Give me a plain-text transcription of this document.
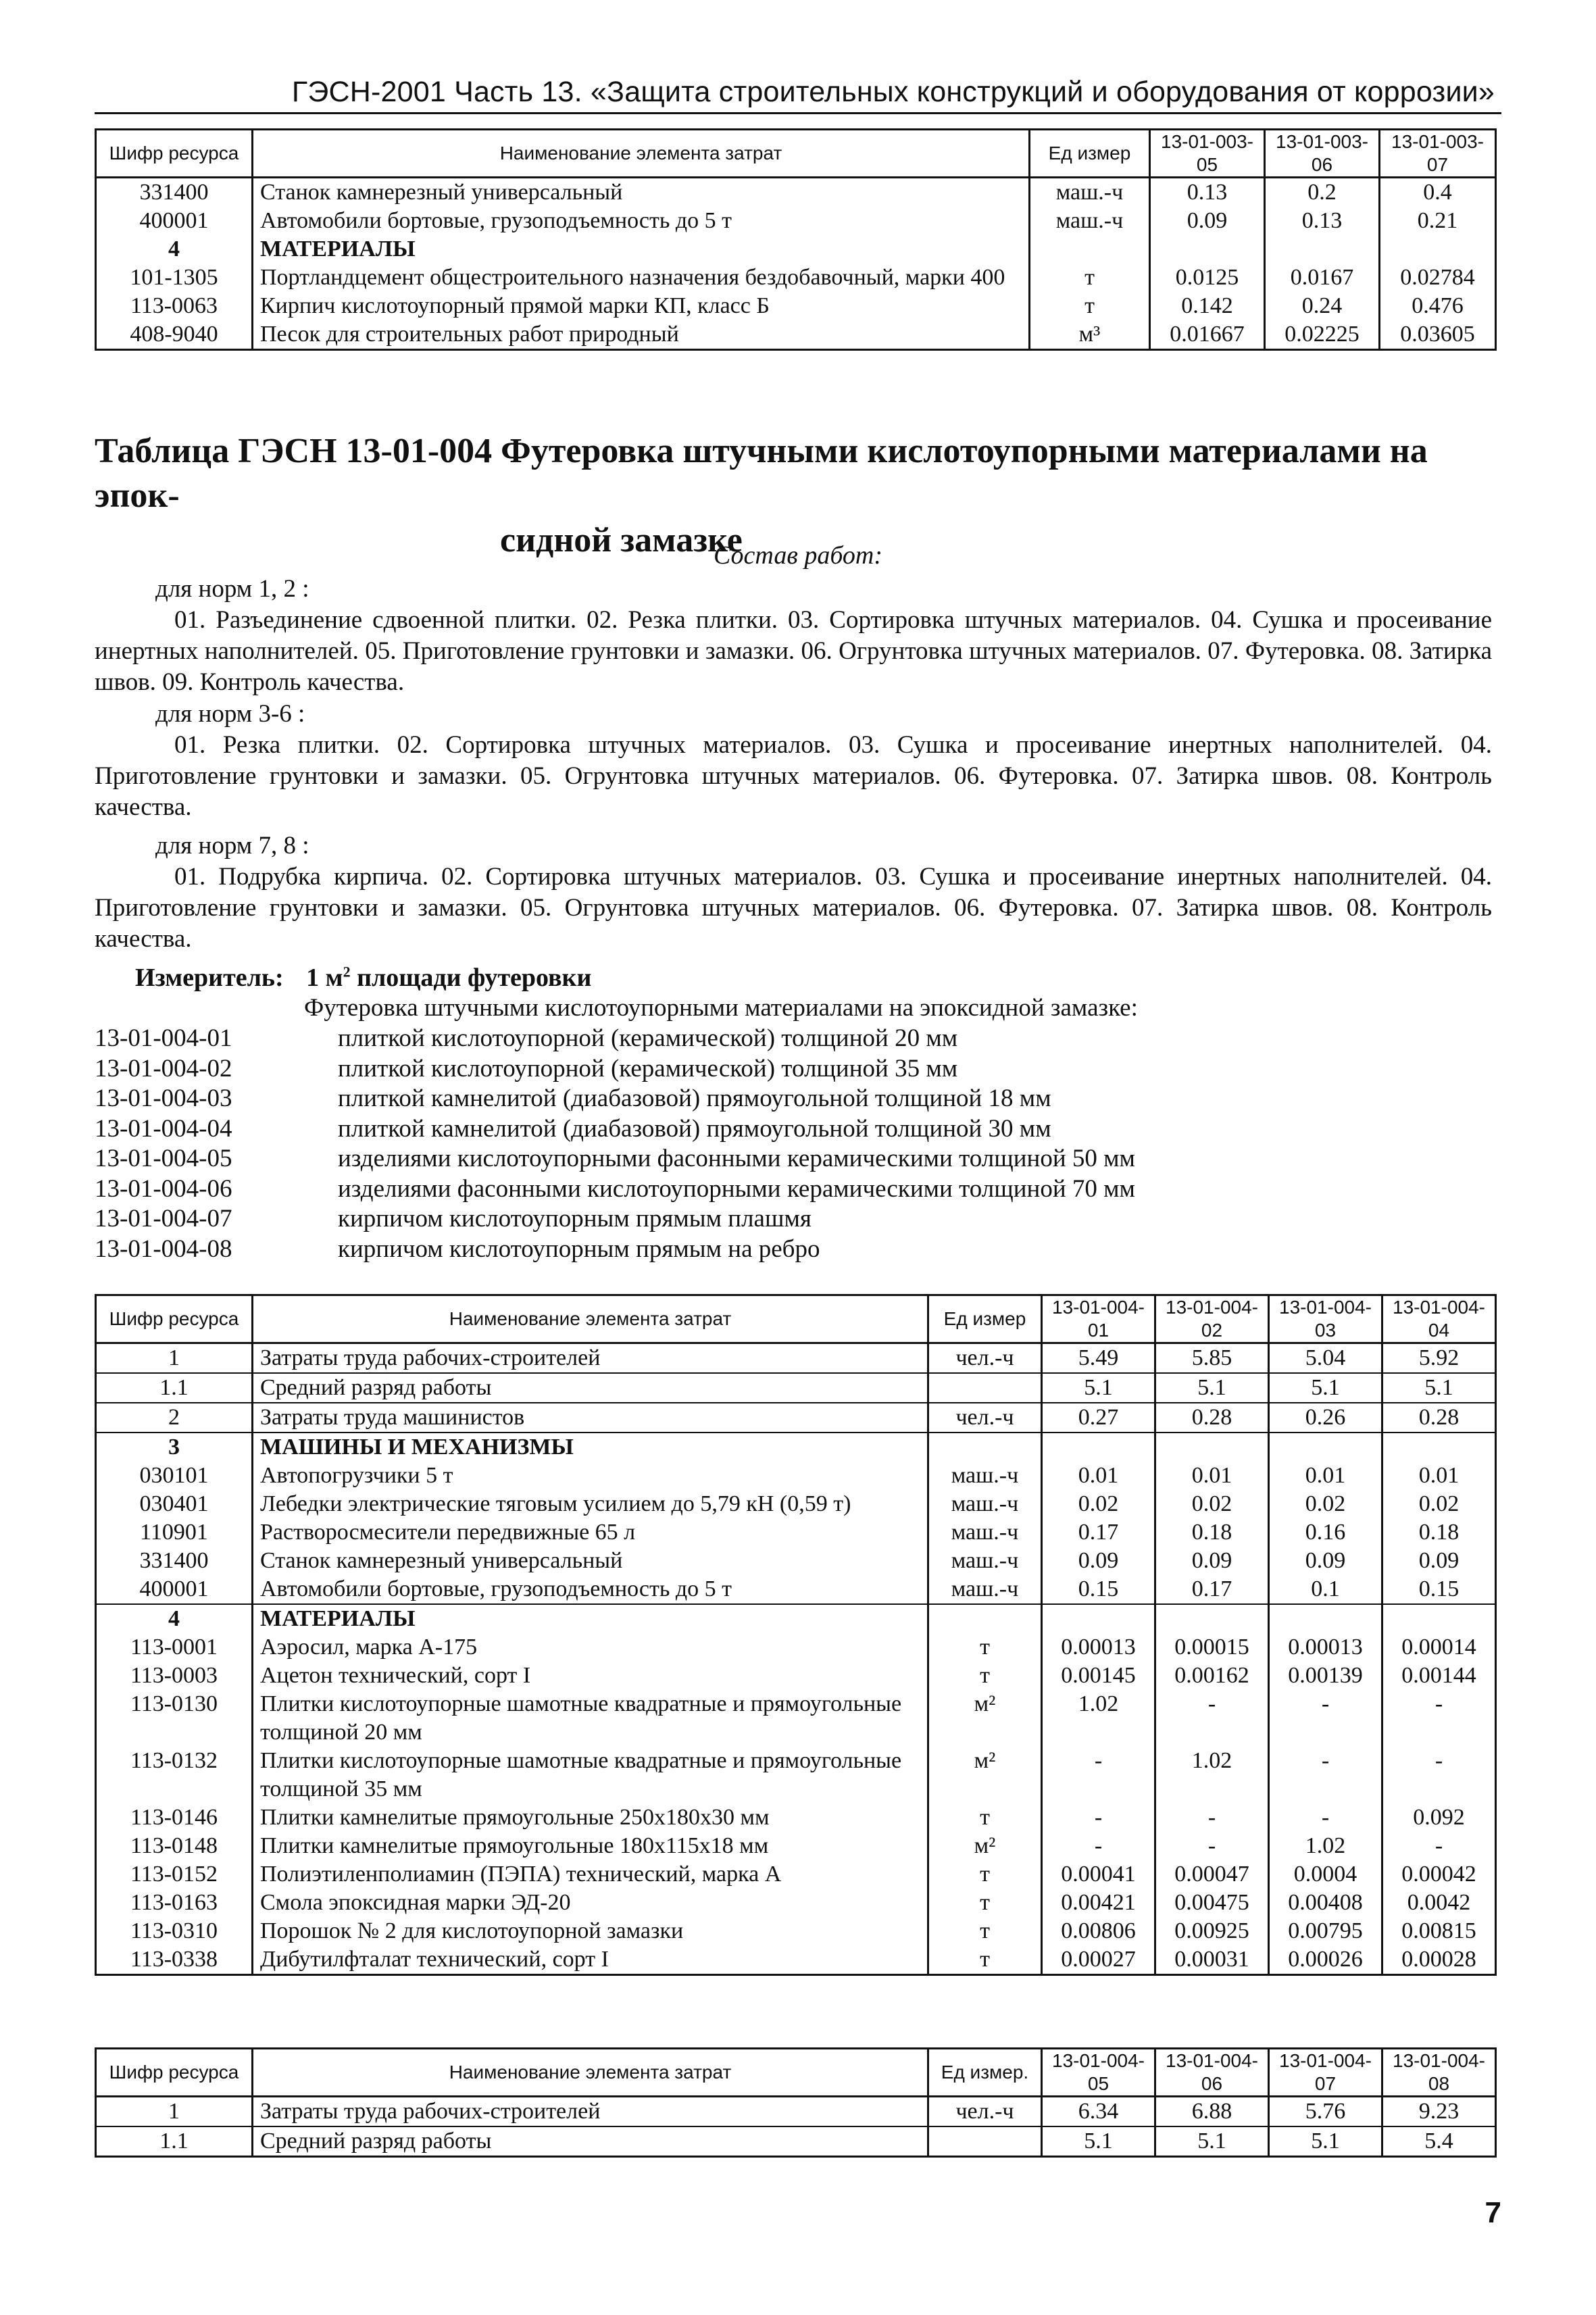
ГЭСН-2001 Часть 13. «Защита строительных конструкций и оборудования от коррозии»
Шифр ресурса	Наименование элемента затрат	Ед измер	13-01-003-05	13-01-003-06	13-01-003-07
331400	Станок камнерезный универсальный	маш.-ч	0.13	0.2	0.4
400001	Автомобили бортовые, грузоподъемность до 5 т	маш.-ч	0.09	0.13	0.21
4	МАТЕРИАЛЫ				
101-1305	Портландцемент общестроительного назначения бездобавочный, марки 400	т	0.0125	0.0167	0.02784
113-0063	Кирпич кислотоупорный прямой марки КП, класс Б	т	0.142	0.24	0.476
408-9040	Песок для строительных работ природный	м³	0.01667	0.02225	0.03605
Таблица ГЭСН 13-01-004 Футеровка штучными кислотоупорными материалами на эпок-
сидной замазке
Состав работ:
для норм 1, 2 :
01. Разъединение сдвоенной плитки. 02. Резка плитки. 03. Сортировка штучных материалов. 04. Сушка и просеивание инертных наполнителей. 05. Приготовление грунтовки и замазки. 06. Огрунтовка штучных материалов. 07. Футеровка. 08. Затирка швов. 09. Контроль качества.
для норм 3-6 :
01. Резка плитки. 02. Сортировка штучных материалов. 03. Сушка и просеивание инертных наполнителей. 04. Приготовление грунтовки и замазки. 05. Огрунтовка штучных материалов. 06. Футеровка. 07. Затирка швов. 08. Контроль качества.
для норм 7, 8 :
01. Подрубка кирпича. 02. Сортировка штучных материалов. 03. Сушка и просеивание инертных наполнителей. 04. Приготовление грунтовки и замазки. 05. Огрунтовка штучных материалов. 06. Футеровка. 07. Затирка швов. 08. Контроль качества.
Измеритель: 1 $м^2$ площади футеровки
Футеровка штучными кислотоупорными материалами на эпоксидной замазке:
13-01-004-01	плиткой кислотоупорной (керамической) толщиной 20 мм
13-01-004-02	плиткой кислотоупорной (керамической) толщиной 35 мм
13-01-004-03	плиткой камнелитой (диабазовой) прямоугольной толщиной 18 мм
13-01-004-04	плиткой камнелитой (диабазовой) прямоугольной толщиной 30 мм
13-01-004-05	изделиями кислотоупорными фасонными керамическими толщиной 50 мм
13-01-004-06	изделиями фасонными кислотоупорными керамическими толщиной 70 мм
13-01-004-07	кирпичом кислотоупорным прямым плашмя
13-01-004-08	кирпичом кислотоупорным прямым на ребро
Шифр ресурса	Наименование элемента затрат	Ед измер	13-01-004-01	13-01-004-02	13-01-004-03	13-01-004-04
1	Затраты труда рабочих-строителей	чел.-ч	5.49	5.85	5.04	5.92
1.1	Средний разряд работы		5.1	5.1	5.1	5.1
2	Затраты труда машинистов	чел.-ч	0.27	0.28	0.26	0.28
3	МАШИНЫ И МЕХАНИЗМЫ					
030101	Автопогрузчики 5 т	маш.-ч	0.01	0.01	0.01	0.01
030401	Лебедки электрические тяговым усилием до 5,79 кН (0,59 т)	маш.-ч	0.02	0.02	0.02	0.02
110901	Растворосмесители передвижные 65 л	маш.-ч	0.17	0.18	0.16	0.18
331400	Станок камнерезный универсальный	маш.-ч	0.09	0.09	0.09	0.09
400001	Автомобили бортовые, грузоподъемность до 5 т	маш.-ч	0.15	0.17	0.1	0.15
4	МАТЕРИАЛЫ					
113-0001	Аэросил, марка А-175	т	0.00013	0.00015	0.00013	0.00014
113-0003	Ацетон технический, сорт I	т	0.00145	0.00162	0.00139	0.00144
113-0130	Плитки кислотоупорные шамотные квадратные и прямоугольные толщиной 20 мм	м²	1.02	-	-	-
113-0132	Плитки кислотоупорные шамотные квадратные и прямоугольные толщиной 35 мм	м²	-	1.02	-	-
113-0146	Плитки камнелитые прямоугольные 250х180х30 мм	т	-	-	-	0.092
113-0148	Плитки камнелитые прямоугольные 180х115х18 мм	м²	-	-	1.02	-
113-0152	Полиэтиленполиамин (ПЭПА) технический, марка А	т	0.00041	0.00047	0.0004	0.00042
113-0163	Смола эпоксидная марки ЭД-20	т	0.00421	0.00475	0.00408	0.0042
113-0310	Порошок № 2 для кислотоупорной замазки	т	0.00806	0.00925	0.00795	0.00815
113-0338	Дибутилфталат технический, сорт I	т	0.00027	0.00031	0.00026	0.00028
Шифр ресурса	Наименование элемента затрат	Ед измер.	13-01-004-05	13-01-004-06	13-01-004-07	13-01-004-08
1	Затраты труда рабочих-строителей	чел.-ч	6.34	6.88	5.76	9.23
1.1	Средний разряд работы		5.1	5.1	5.1	5.4
7
